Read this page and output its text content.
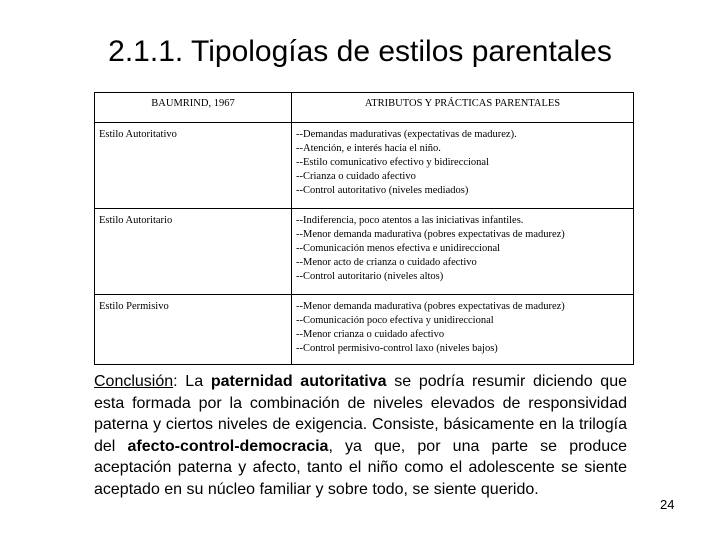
2.1.1. Tipologías de estilos parentales
BAUMRIND, 1967	ATRIBUTOS Y PRÁCTICAS PARENTALES
Estilo Autoritativo	--Demandas madurativas (expectativas de madurez).
--Atención, e interés hacia el niño.
--Estilo comunicativo efectivo y bidireccional
--Crianza o cuidado afectivo
--Control autoritativo (niveles mediados)

Estilo Autoritario	--Indiferencia, poco atentos a las iniciativas infantiles.
--Menor demanda madurativa (pobres expectativas de madurez)
--Comunicación menos efectiva e unidireccional
--Menor acto de crianza o cuidado afectivo
--Control autoritario (niveles altos)

Estilo Permisivo	--Menor demanda madurativa (pobres expectativas de madurez)
--Comunicación poco efectiva y unidireccional
--Menor crianza o cuidado afectivo
--Control permisivo-control laxo (niveles bajos)
Conclusión: La paternidad autoritativa se podría resumir diciendo que esta formada por la combinación de niveles elevados de responsividad paterna y ciertos niveles de exigencia. Consiste, básicamente en la trilogía del afecto-control-democracia, ya que, por una parte se produce aceptación paterna y afecto, tanto el niño como el adolescente se siente aceptado en su núcleo familiar y sobre todo, se siente querido.
24
